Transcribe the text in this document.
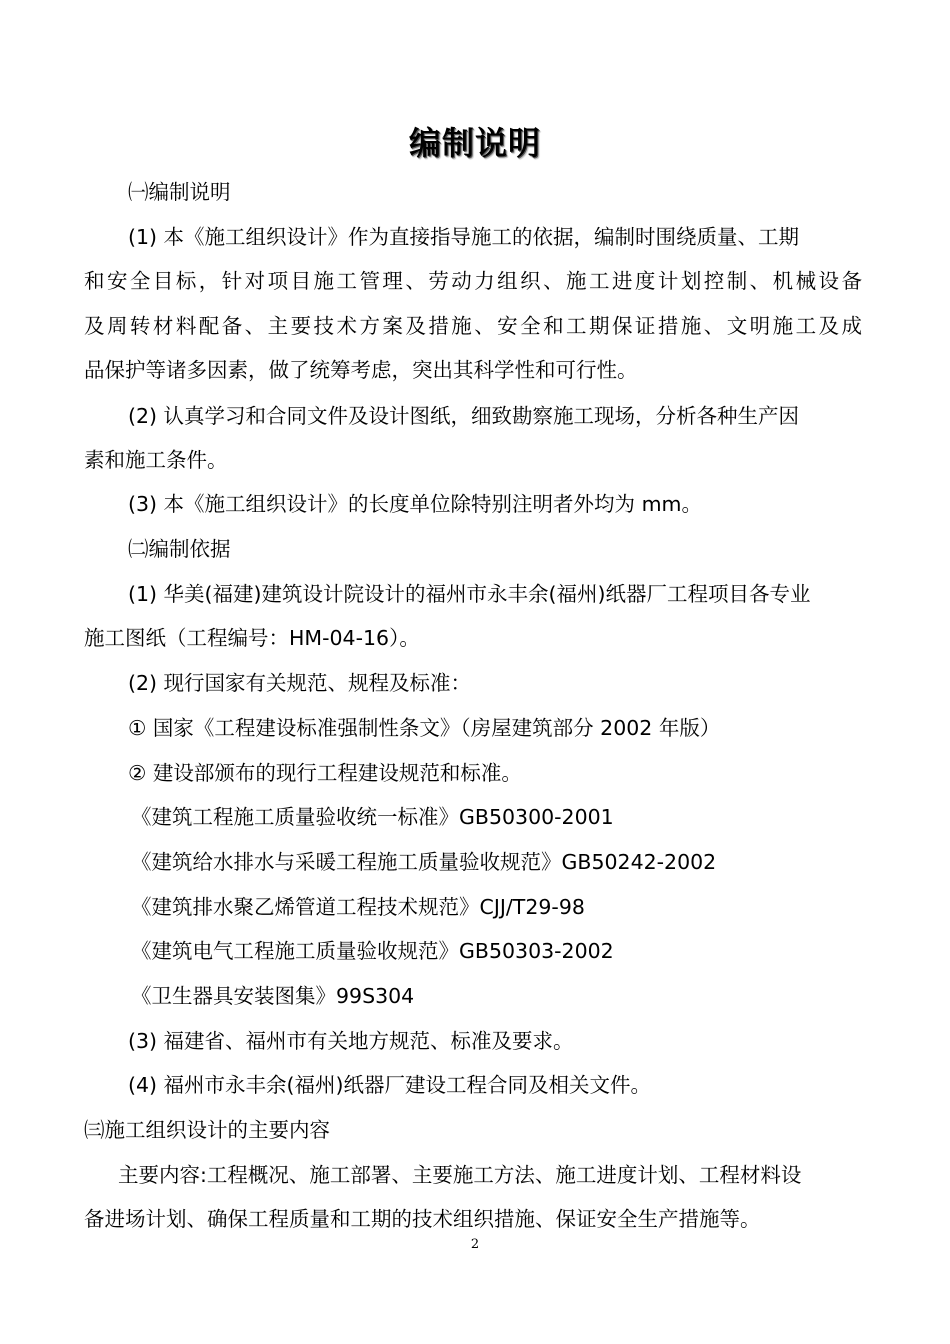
编制说明
㈠编制说明
(1) 本《施工组织设计》作为直接指导施工的依据，编制时围绕质量、工期
和安全目标，针对项目施工管理、劳动力组织、施工进度计划控制、机械设备
及周转材料配备、主要技术方案及措施、安全和工期保证措施、文明施工及成
品保护等诸多因素，做了统筹考虑，突出其科学性和可行性。
(2) 认真学习和合同文件及设计图纸，细致勘察施工现场，分析各种生产因
素和施工条件。
(3) 本《施工组织设计》的长度单位除特别注明者外均为 mm。
㈡编制依据
(1) 华美(福建)建筑设计院设计的福州市永丰余(福州)纸器厂工程项目各专业
施工图纸（工程编号：HM-04-16）。
(2) 现行国家有关规范、规程及标准：
① 国家《工程建设标准强制性条文》（房屋建筑部分 2002 年版）
② 建设部颁布的现行工程建设规范和标准。
《建筑工程施工质量验收统一标准》GB50300-2001
《建筑给水排水与采暖工程施工质量验收规范》GB50242-2002
《建筑排水聚乙烯管道工程技术规范》CJJ/T29-98
《建筑电气工程施工质量验收规范》GB50303-2002
《卫生器具安装图集》99S304
(3) 福建省、福州市有关地方规范、标准及要求。
(4) 福州市永丰余(福州)纸器厂建设工程合同及相关文件。
㈢施工组织设计的主要内容
主要内容:工程概况、施工部署、主要施工方法、施工进度计划、工程材料设
备进场计划、确保工程质量和工期的技术组织措施、保证安全生产措施等。
2
